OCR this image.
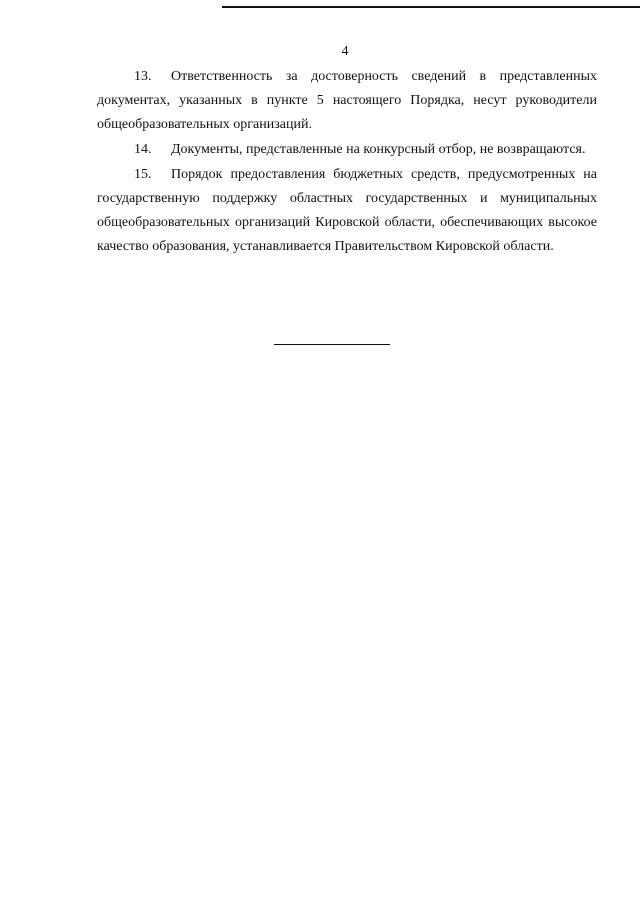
4

13. Ответственность за достоверность сведений в представленных документах, указанных в пункте 5 настоящего Порядка, несут руководители общеобразовательных организаций.

14. Документы, представленные на конкурсный отбор, не возвращаются.

15. Порядок предоставления бюджетных средств, предусмотренных на государственную поддержку областных государственных и муниципальных общеобразовательных организаций Кировской области, обеспечивающих высокое качество образования, устанавливается Правительством Кировской области.
